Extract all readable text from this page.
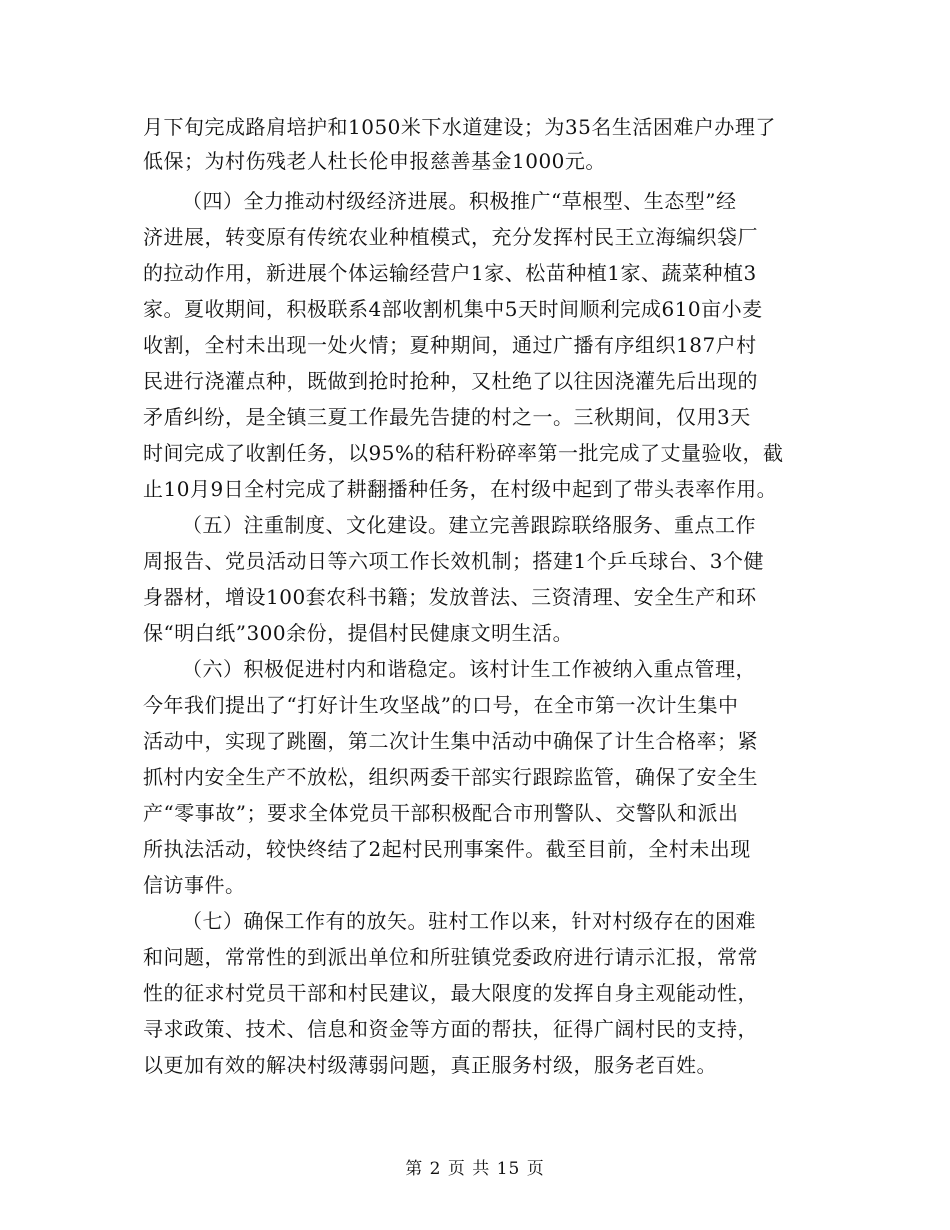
月下旬完成路肩培护和1050米下水道建设；为35名生活困难户办理了
低保；为村伤残老人杜长伦申报慈善基金1000元。
（四）全力推动村级经济进展。积极推广“草根型、生态型”经
济进展，转变原有传统农业种植模式，充分发挥村民王立海编织袋厂
的拉动作用，新进展个体运输经营户1家、松苗种植1家、蔬菜种植3
家。夏收期间，积极联系4部收割机集中5天时间顺利完成610亩小麦
收割，全村未出现一处火情；夏种期间，通过广播有序组织187户村
民进行浇灌点种，既做到抢时抢种，又杜绝了以往因浇灌先后出现的
矛盾纠纷，是全镇三夏工作最先告捷的村之一。三秋期间，仅用3天
时间完成了收割任务，以95%的秸秆粉碎率第一批完成了丈量验收，截
止10月9日全村完成了耕翻播种任务，在村级中起到了带头表率作用。
（五）注重制度、文化建设。建立完善跟踪联络服务、重点工作
周报告、党员活动日等六项工作长效机制；搭建1个乒乓球台、3个健
身器材，增设100套农科书籍；发放普法、三资清理、安全生产和环
保“明白纸”300余份，提倡村民健康文明生活。
（六）积极促进村内和谐稳定。该村计生工作被纳入重点管理，
今年我们提出了“打好计生攻坚战”的口号，在全市第一次计生集中
活动中，实现了跳圈，第二次计生集中活动中确保了计生合格率；紧
抓村内安全生产不放松，组织两委干部实行跟踪监管，确保了安全生
产“零事故”；要求全体党员干部积极配合市刑警队、交警队和派出
所执法活动，较快终结了2起村民刑事案件。截至目前，全村未出现
信访事件。
（七）确保工作有的放矢。驻村工作以来，针对村级存在的困难
和问题，常常性的到派出单位和所驻镇党委政府进行请示汇报，常常
性的征求村党员干部和村民建议，最大限度的发挥自身主观能动性，
寻求政策、技术、信息和资金等方面的帮扶，征得广阔村民的支持，
以更加有效的解决村级薄弱问题，真正服务村级，服务老百姓。
第 2 页 共 15 页
